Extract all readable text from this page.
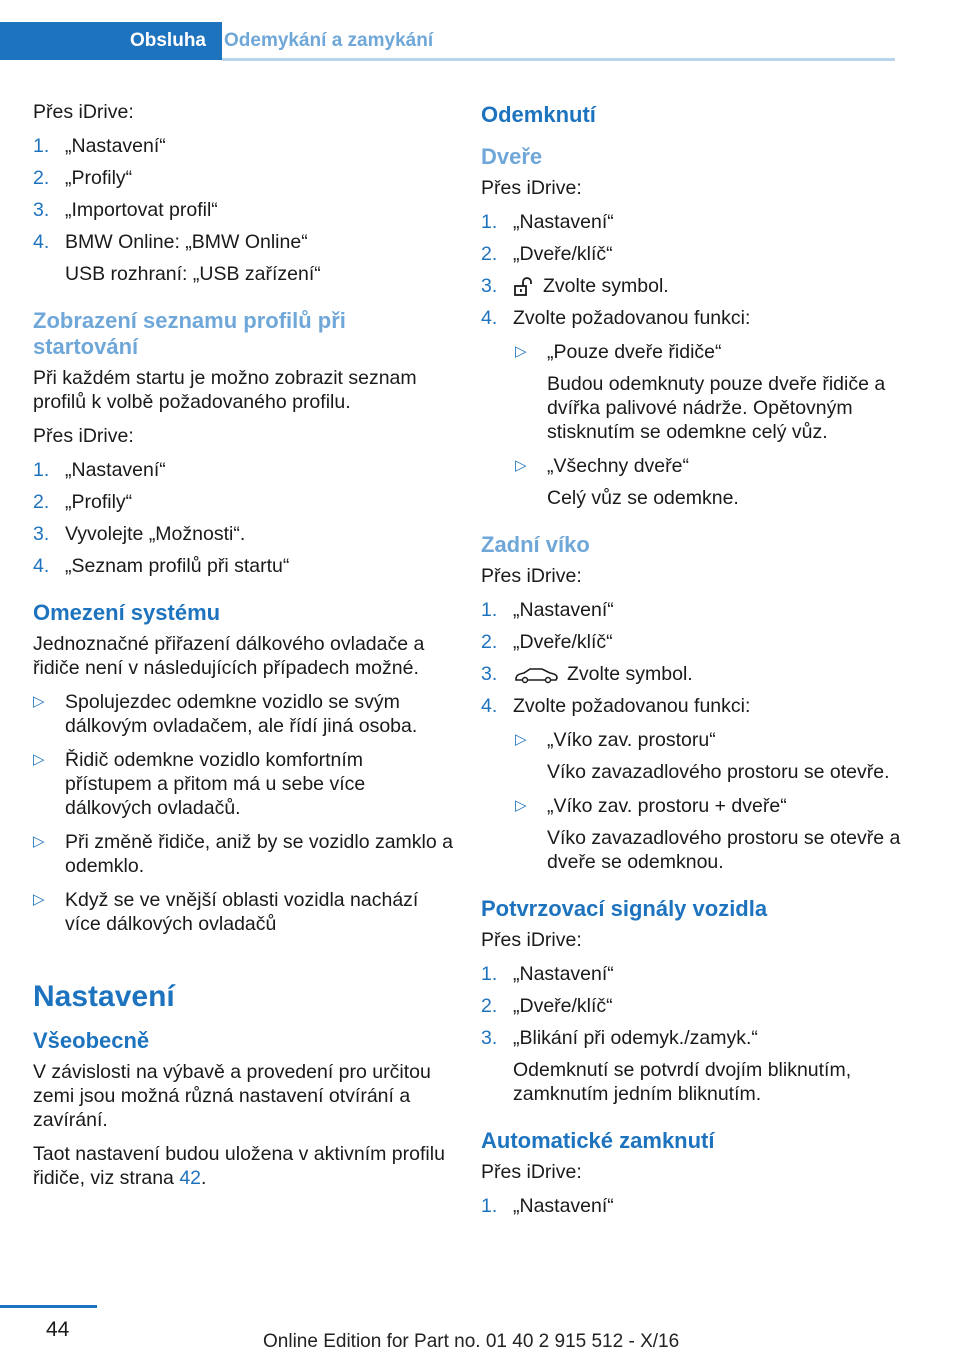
Obsluha Odemykání a zamykání

Přes iDrive:

1. „Nastavení“
2. „Profily“
3. „Importovat profil“
4. BMW Online: „BMW Online“
USB rozhraní: „USB zařízení“
Zobrazení seznamu profilů při startování

Při každém startu je možno zobrazit seznam profilů k volbě požadovaného profilu.

Přes iDrive:

1. „Nastavení“
2. „Profily“
3. Vyvolejte „Možnosti“.
4. „Seznam profilů při startu“
Omezení systému

Jednoznačné přiřazení dálkového ovladače a řidiče není v následujících případech možné.

▷ Spolujezdec odemkne vozidlo se svým dálkovým ovladačem, ale řídí jiná osoba.
▷ Řidič odemkne vozidlo komfortním přístupem a přitom má u sebe více dálkových ovladačů.
▷ Při změně řidiče, aniž by se vozidlo zamklo a odemklo.
▷ Když se ve vnější oblasti vozidla nachází více dálkových ovladačů
Nastavení
Všeobecně

V závislosti na výbavě a provedení pro určitou zemi jsou možná různá nastavení otvírání a zavírání.

Taot nastavení budou uložena v aktivním profilu řidiče, viz strana 42.

Odemknutí
Dveře

Přes iDrive:

1. „Nastavení“
2. „Dveře/klíč“
3. Zvolte symbol.
4. Zvolte požadovanou funkci:
▷ „Pouze dveře řidiče“
Budou odemknuty pouze dveře řidiče a dvířka palivové nádrže. Opětovným stisknutím se odemkne celý vůz.
▷ „Všechny dveře“
Celý vůz se odemkne.
Zadní víko

Přes iDrive:

1. „Nastavení“
2. „Dveře/klíč“
3.	Zvolte symbol.
4. Zvolte požadovanou funkci:
▷ „Víko zav. prostoru“
Víko zavazadlového prostoru se otevře.
▷ „Víko zav. prostoru + dveře“
Víko zavazadlového prostoru se otevře a dveře se odemknou.
Potvrzovací signály vozidla

Přes iDrive:

1. „Nastavení“
2. „Dveře/klíč“
3. „Blikání při odemyk./zamyk.“
Odemknutí se potvrdí dvojím bliknutím, zamknutím jedním bliknutím.
Automatické zamknutí

Přes iDrive:

1. „Nastavení“
44
Online Edition for Part no. 01 40 2 915 512 - X/16
